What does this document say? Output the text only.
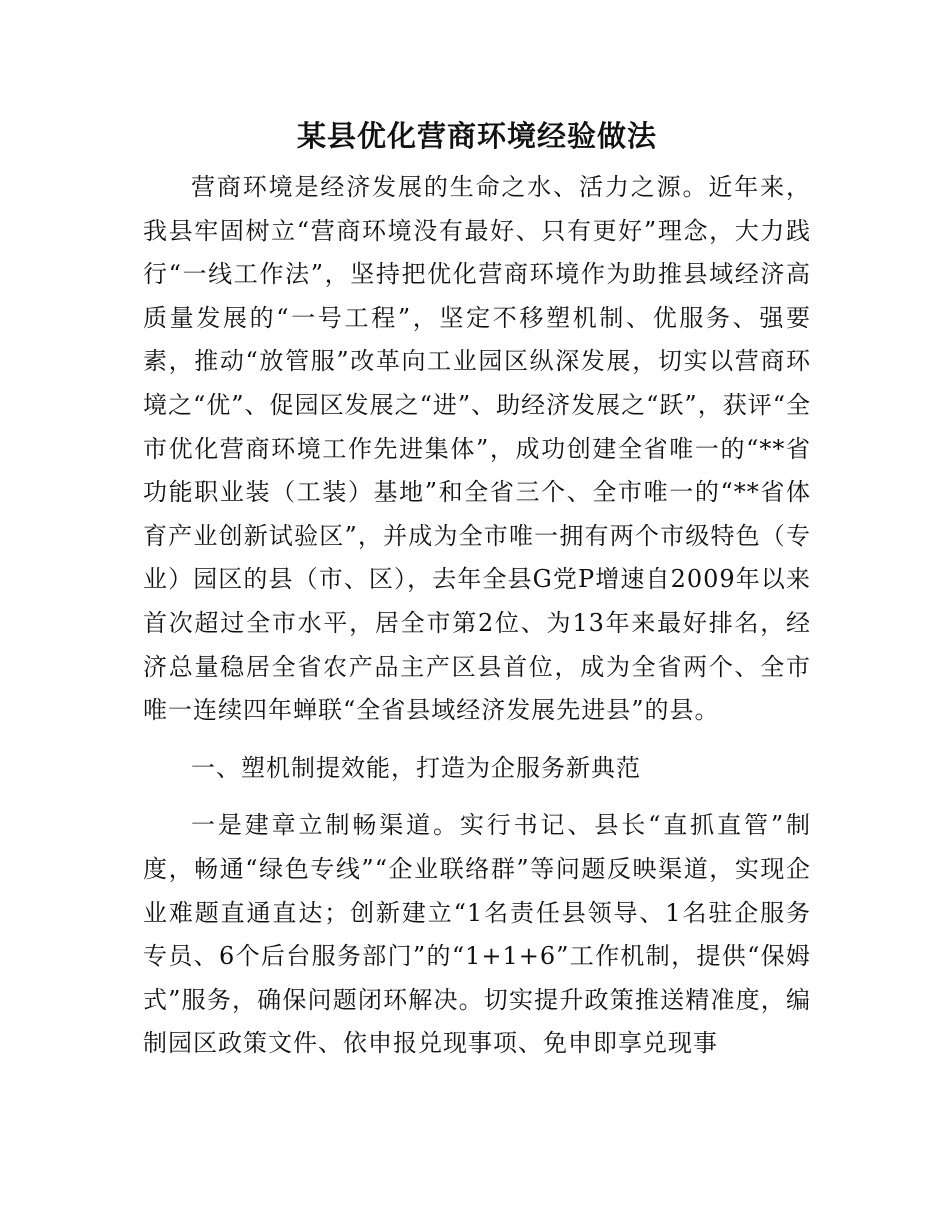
某县优化营商环境经验做法

营商环境是经济发展的生命之水、活力之源。近年来，我县牢固树立“营商环境没有最好、只有更好”理念，大力践行“一线工作法”，坚持把优化营商环境作为助推县域经济高质量发展的“一号工程”，坚定不移塑机制、优服务、强要素，推动“放管服”改革向工业园区纵深发展，切实以营商环境之“优”、促园区发展之“进”、助经济发展之“跃”，获评“全市优化营商环境工作先进集体”，成功创建全省唯一的“**省功能职业装（工装）基地”和全省三个、全市唯一的“**省体育产业创新试验区”，并成为全市唯一拥有两个市级特色（专业）园区的县（市、区），去年全县G党P增速自2009年以来首次超过全市水平，居全市第2位、为13年来最好排名，经济总量稳居全省农产品主产区县首位，成为全省两个、全市唯一连续四年蝉联“全省县域经济发展先进县”的县。

一、塑机制提效能，打造为企服务新典范

一是建章立制畅渠道。实行书记、县长“直抓直管”制度，畅通“绿色专线”“企业联络群”等问题反映渠道，实现企业难题直通直达；创新建立“1名责任县领导、1名驻企服务专员、6个后台服务部门”的“1+1+6”工作机制，提供“保姆式”服务，确保问题闭环解决。切实提升政策推送精准度，编制园区政策文件、依申报兑现事项、免申即享兑现事
